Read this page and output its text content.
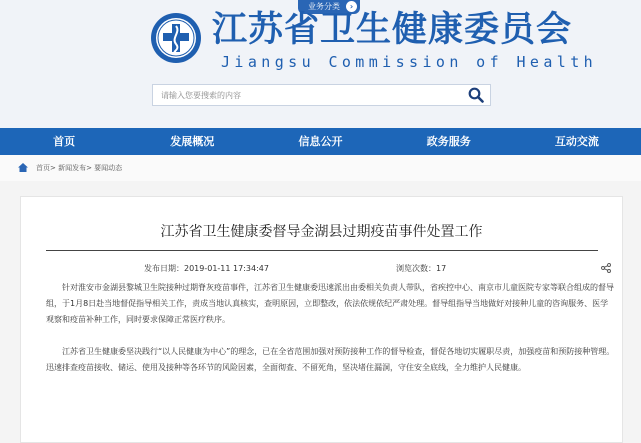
业务分类	›
江苏省卫生健康委员会
Jiangsu Commission of Health
请输入您要搜索的内容
首页	发展概况	信息公开	政务服务	互动交流
首页> 新闻发布> 要闻动态
江苏省卫生健康委督导金湖县过期疫苗事件处置工作
发布日期：2019-01-11 17:34:47	浏览次数：17

针对淮安市金湖县黎城卫生院接种过期脊灰疫苗事件，江苏省卫生健康委迅速派出由委相关负责人带队，省疾控中心、南京市儿童医院专家等联合组成的督导组，于1月8日赴当地督促指导相关工作，责成当地认真核实，查明原因，立即整改，依法依规依纪严肃处理。督导组指导当地做好对接种儿童的咨询服务、医学观察和疫苗补种工作，同时要求保障正常医疗秩序。

江苏省卫生健康委坚决践行“以人民健康为中心”的理念，已在全省范围加强对预防接种工作的督导检查，督促各地切实履职尽责，加强疫苗和预防接种管理。迅速排查疫苗接收、储运、使用及接种等各环节的风险因素，全面彻查、不留死角，坚决堵住漏洞，守住安全底线，全力维护人民健康。
